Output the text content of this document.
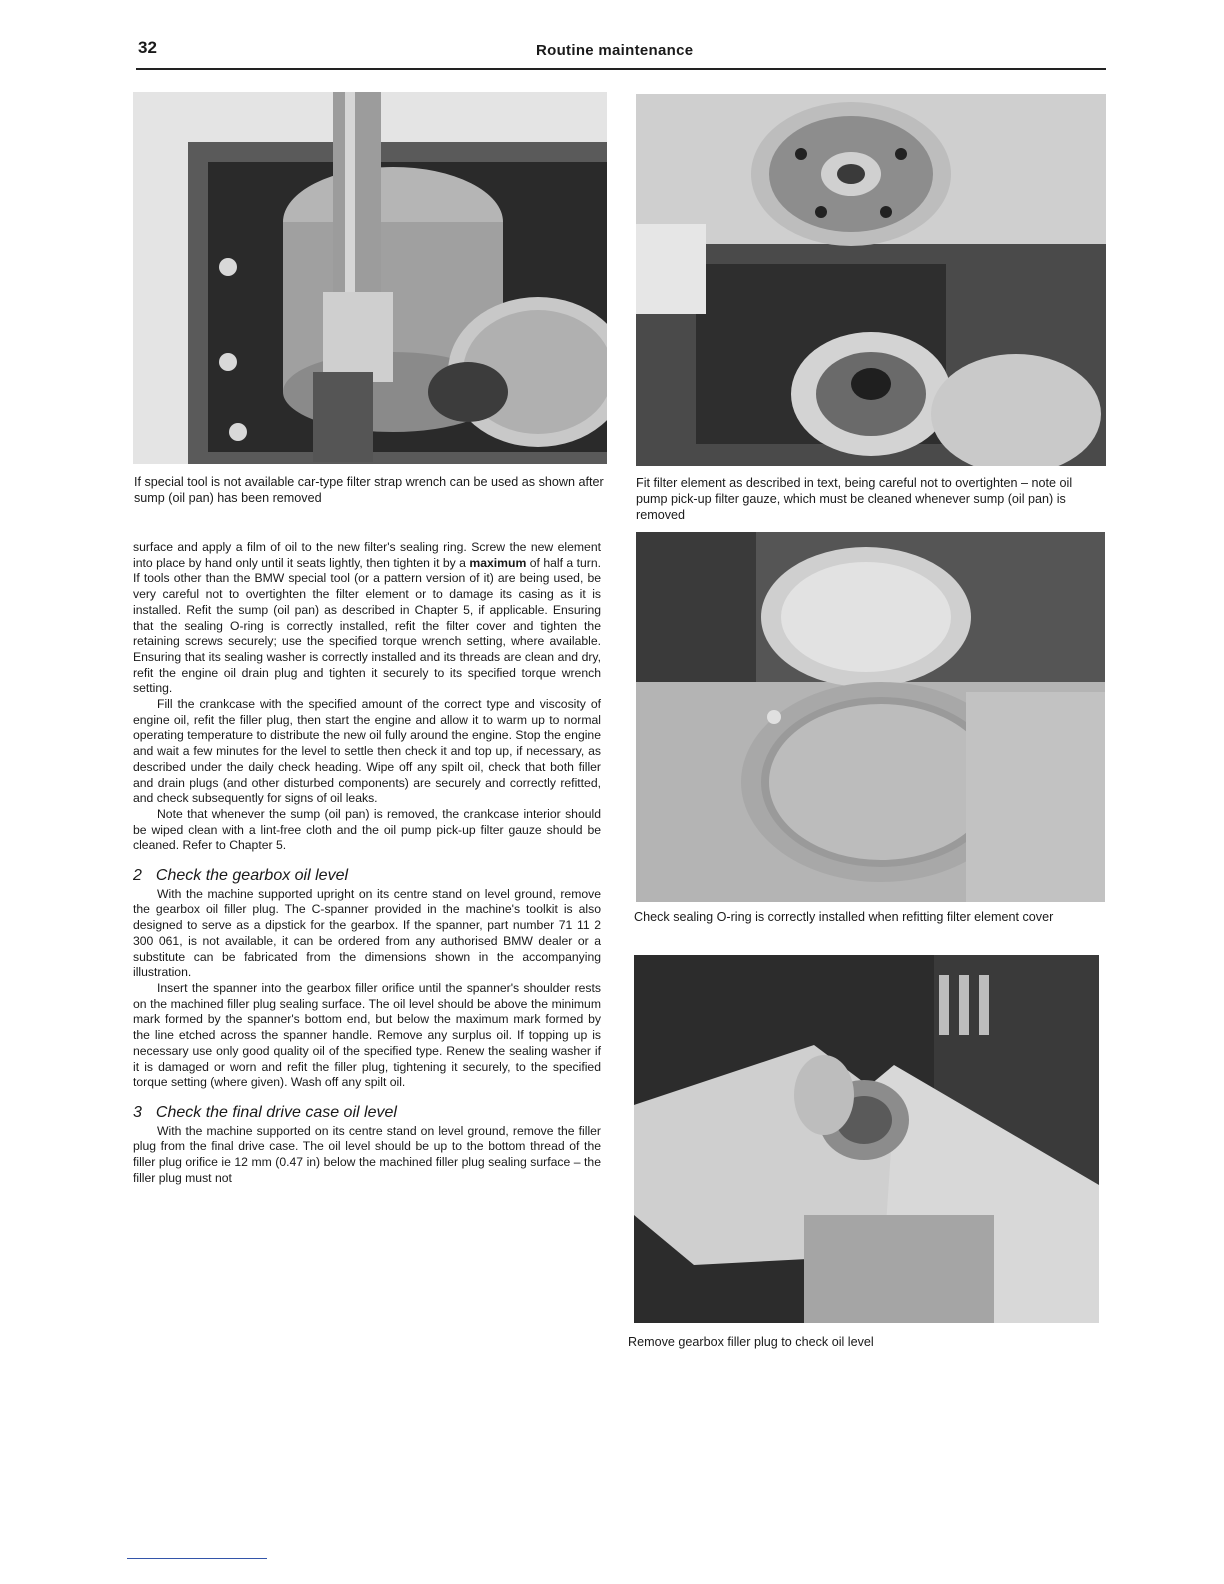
32	Routine maintenance
If special tool is not available car-type filter strap wrench can be used as shown after sump (oil pan) has been removed
Fit filter element as described in text, being careful not to overtighten – note oil pump pick-up filter gauze, which must be cleaned whenever sump (oil pan) is removed
Check sealing O-ring is correctly installed when refitting filter element cover
Remove gearbox filler plug to check oil level

surface and apply a film of oil to the new filter's sealing ring. Screw the new element into place by hand only until it seats lightly, then tighten it by a maximum of half a turn. If tools other than the BMW special tool (or a pattern version of it) are being used, be very careful not to overtighten the filter element or to damage its casing as it is installed. Refit the sump (oil pan) as described in Chapter 5, if applicable. Ensuring that the sealing O-ring is correctly installed, refit the filter cover and tighten the retaining screws securely; use the specified torque wrench setting, where available. Ensuring that its sealing washer is correctly installed and its threads are clean and dry, refit the engine oil drain plug and tighten it securely to its specified torque wrench setting.

Fill the crankcase with the specified amount of the correct type and viscosity of engine oil, refit the filler plug, then start the engine and allow it to warm up to normal operating temperature to distribute the new oil fully around the engine. Stop the engine and wait a few minutes for the level to settle then check it and top up, if necessary, as described under the daily check heading. Wipe off any spilt oil, check that both filler and drain plugs (and other disturbed components) are securely and correctly refitted, and check subsequently for signs of oil leaks.

Note that whenever the sump (oil pan) is removed, the crankcase interior should be wiped clean with a lint-free cloth and the oil pump pick-up filter gauze should be cleaned. Refer to Chapter 5.

2 Check the gearbox oil level

With the machine supported upright on its centre stand on level ground, remove the gearbox oil filler plug. The C-spanner provided in the machine's toolkit is also designed to serve as a dipstick for the gearbox. If the spanner, part number 71 11 2 300 061, is not available, it can be ordered from any authorised BMW dealer or a substitute can be fabricated from the dimensions shown in the accompanying illustration.

Insert the spanner into the gearbox filler orifice until the spanner's shoulder rests on the machined filler plug sealing surface. The oil level should be above the minimum mark formed by the spanner's bottom end, but below the maximum mark formed by the line etched across the spanner handle. Remove any surplus oil. If topping up is necessary use only good quality oil of the specified type. Renew the sealing washer if it is damaged or worn and refit the filler plug, tightening it securely, to the specified torque setting (where given). Wash off any spilt oil.

3 Check the final drive case oil level

With the machine supported on its centre stand on level ground, remove the filler plug from the final drive case. The oil level should be up to the bottom thread of the filler plug orifice ie 12 mm (0.47 in) below the machined filler plug sealing surface – the filler plug must not
